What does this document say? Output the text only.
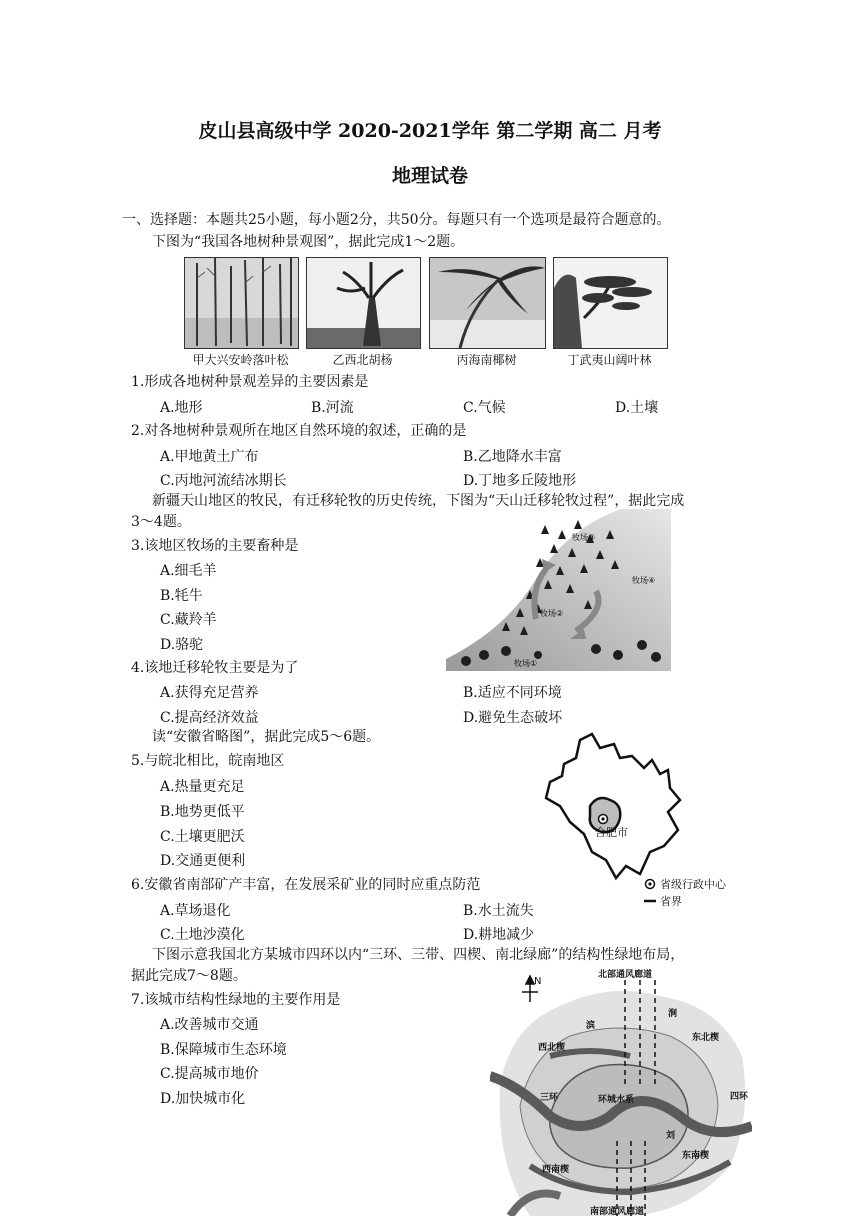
皮山县高级中学 2020-2021学年 第二学期 高二 月考
地理试卷
一、选择题：本题共25小题，每小题2分，共50分。每题只有一个选项是最符合题意的。
下图为“我国各地树种景观图”，据此完成1～2题。
甲大兴安岭落叶松	乙西北胡杨	丙海南椰树	丁武夷山阔叶林
1.形成各地树种景观差异的主要因素是
A.地形	B.河流	C.气候	D.土壤
2.对各地树种景观所在地区自然环境的叙述，正确的是
A.甲地黄土广布	B.乙地降水丰富
C.丙地河流结冰期长	D.丁地多丘陵地形
新疆天山地区的牧民，有迁移轮牧的历史传统，下图为“天山迁移轮牧过程”，据此完成
3～4题。
3.该地区牧场的主要畜种是
A.细毛羊
B.牦牛
C.藏羚羊
D.骆驼
牧场③
牧场④
牧场②
牧场①
4.该地迁移轮牧主要是为了
A.获得充足营养	B.适应不同环境
C.提高经济效益	D.避免生态破坏
读“安徽省略图”，据此完成5～6题。
5.与皖北相比，皖南地区
A.热量更充足
B.地势更低平
C.土壤更肥沃
D.交通更便利
合肥市
省级行政中心
省界
6.安徽省南部矿产丰富，在发展采矿业的同时应重点防范
A.草场退化	B.水土流失
C.土地沙漠化	D.耕地减少
下图示意我国北方某城市四环以内“三环、三带、四楔、南北绿廊”的结构性绿地布局，
据此完成7～8题。
7.该城市结构性绿地的主要作用是
A.改善城市交通
B.保障城市生态环境
C.提高城市地价
D.加快城市化
N
北部通风廊道
南部通风廊道
西北楔
东北楔
西南楔
东南楔
环城水系
三环	四环
滨
涧
刘
